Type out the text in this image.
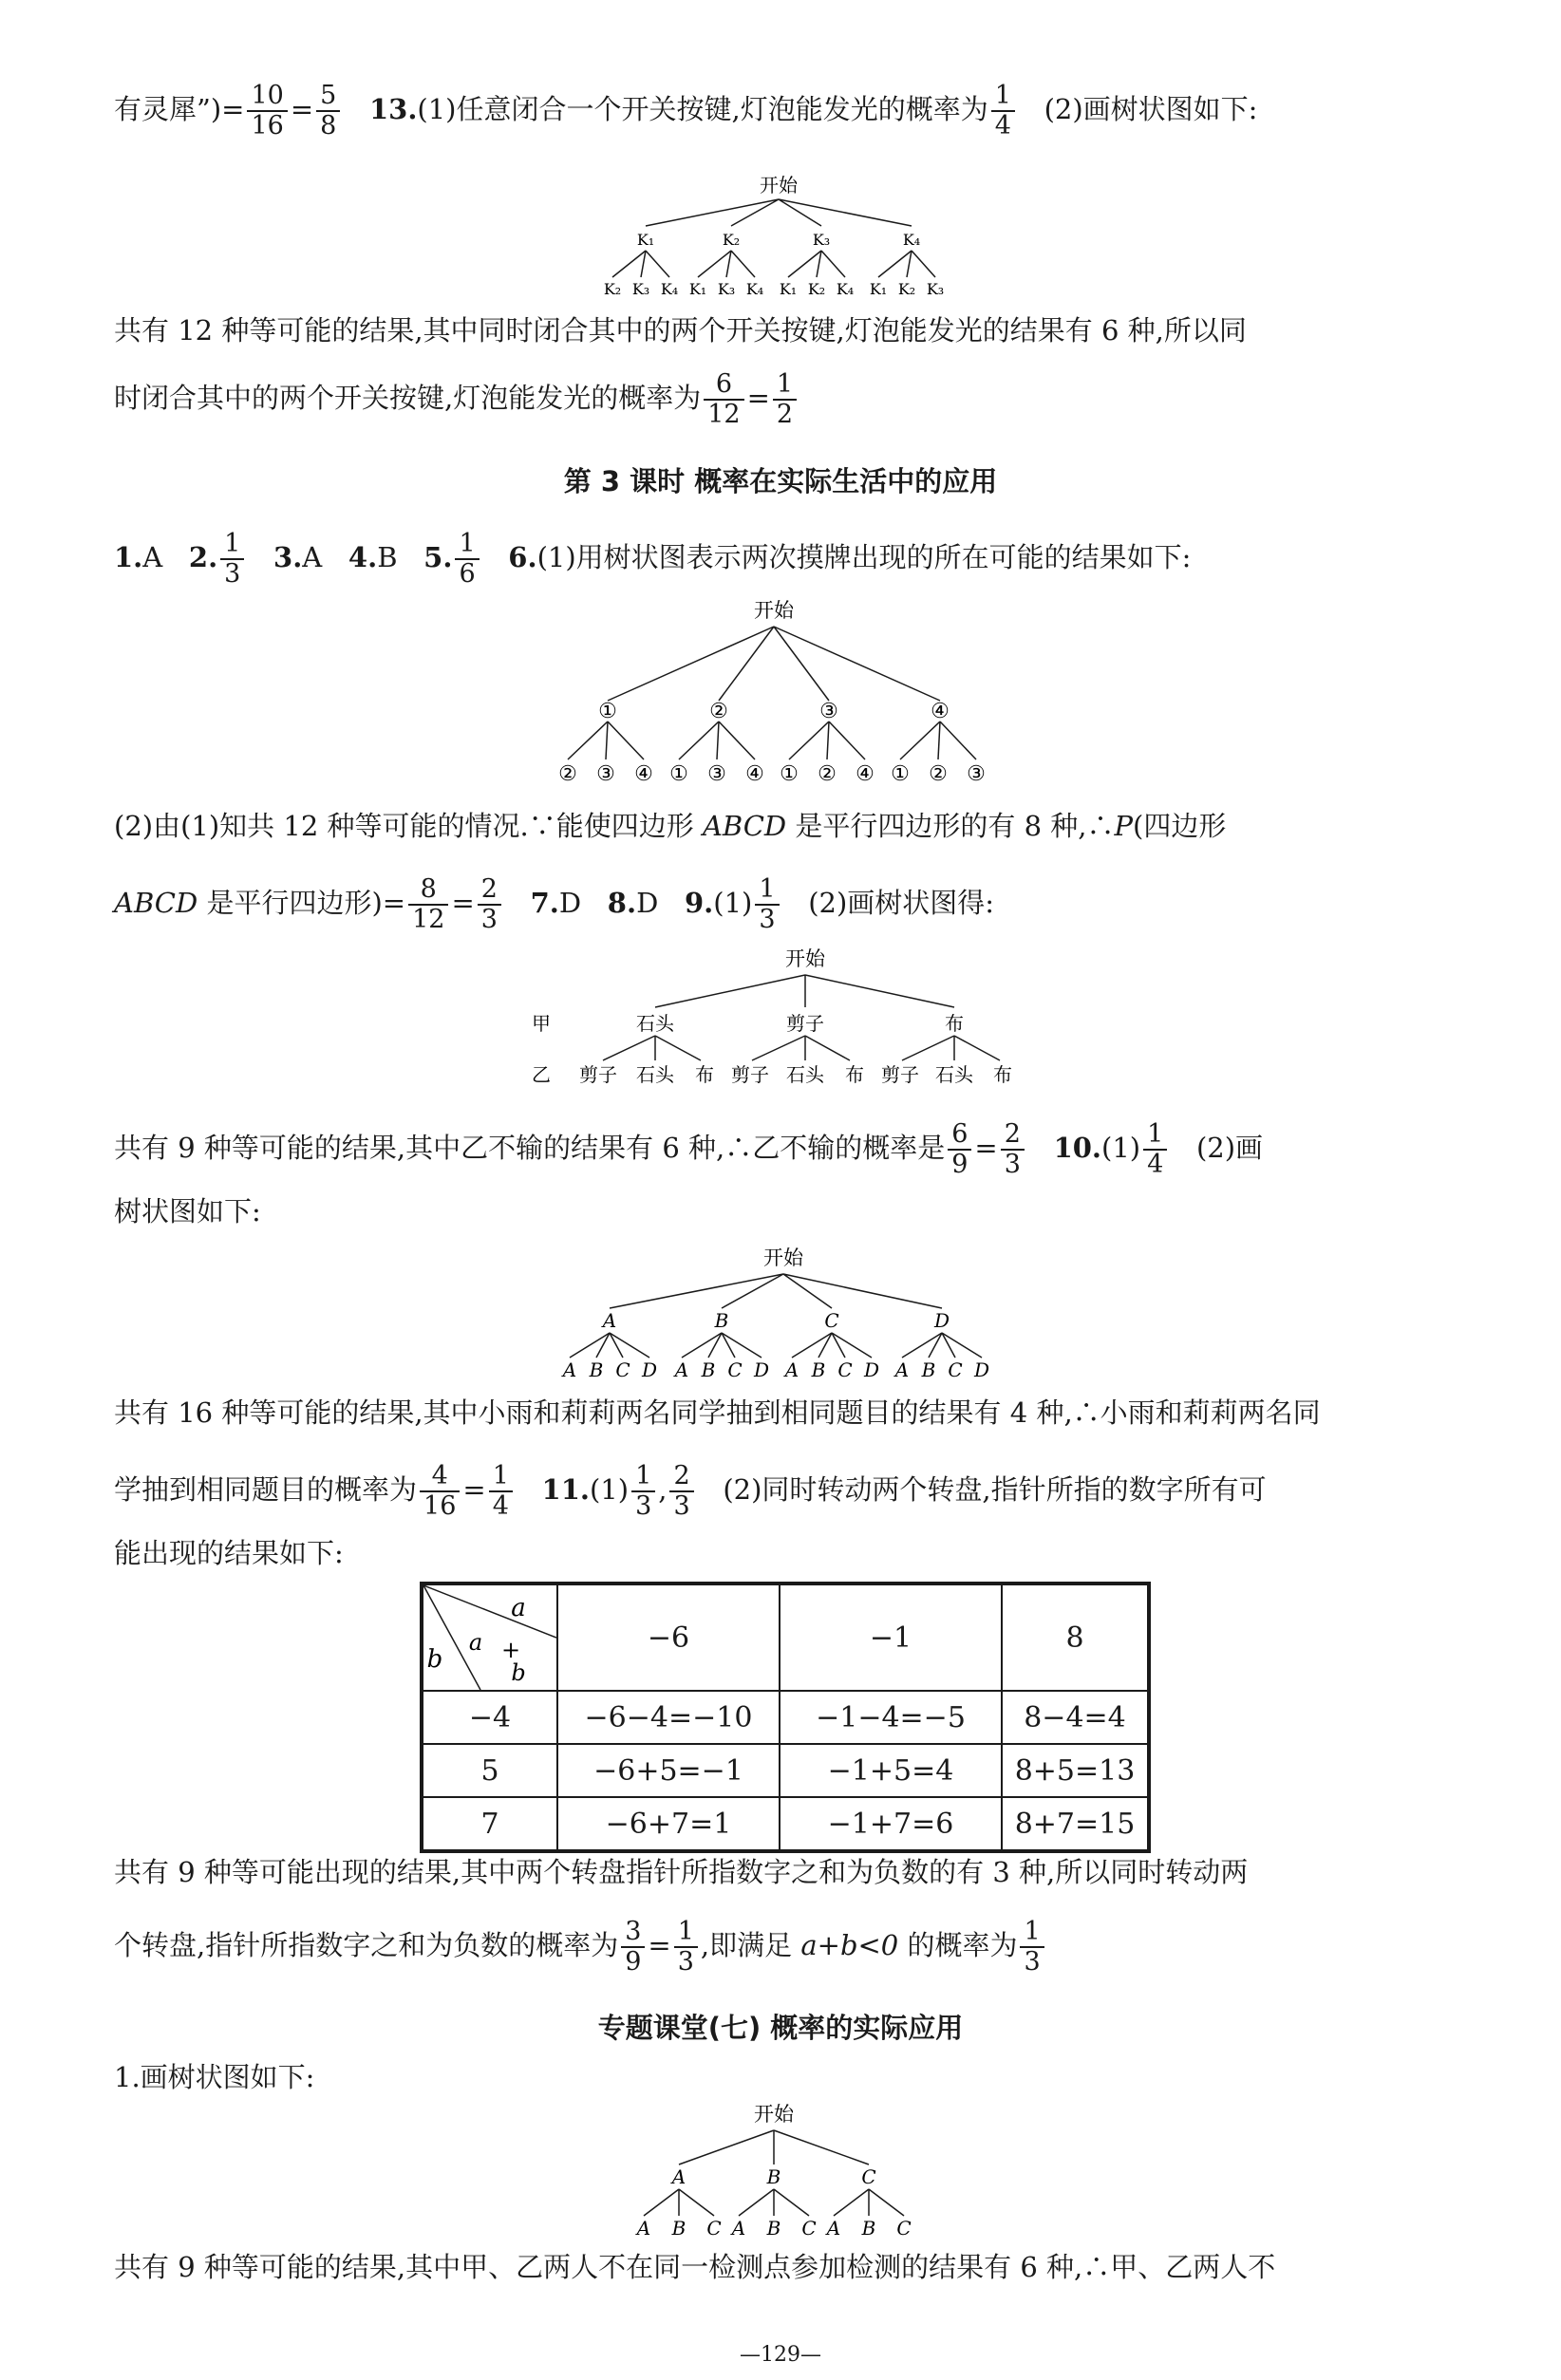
有灵犀”)= $\frac{10}{16} = \frac{5}{8} 13.(1)$任意闭合一个开关按键,灯泡能发光的概率为 $\frac{1}{4} (2)$画树状图如下:
开始
K₁	K₂	K₃	K₄
K₂ K₃ K₄ K₁ K₃ K₄ K₁ K₂ K₄ K₁ K₂ K₃
共有 12 种等可能的结果,其中同时闭合其中的两个开关按键,灯泡能发光的结果有 6 种,所以同
时闭合其中的两个开关按键,灯泡能发光的概率为 $\frac{6}{12} = \frac{1}{2}$
第 3 课时 概率在实际生活中的应用
1.A 2. $\frac{1}{3} 3.A$ 4.B 5. $\frac{1}{6} 6.(1)$用树状图表示两次摸牌出现的所在可能的结果如下:
开始
①	②	③	④
② ③ ④ ① ③ ④ ① ② ④ ① ② ③
(2)由(1)知共 12 种等可能的情况.∵能使四边形 ABCD 是平行四边形的有 8 种,∴P(四边形
ABCD 是平行四边形)= $\frac{8}{12} = \frac{2}{3} 7.D$ 8.D $9.(1) \frac{1}{3} (2)$画树状图得:
开始
甲
乙
石头	剪子	布
剪子 石头 布 剪子 石头 布 剪子 石头 布
共有 9 种等可能的结果,其中乙不输的结果有 6 种,∴乙不输的概率是 $\frac{6}{9} = \frac{2}{3} 10.(1) \frac{1}{4} (2)$画
树状图如下:
开始
A	B	C	D
A B C D A B C D A B C D A B C D
共有 16 种等可能的结果,其中小雨和莉莉两名同学抽到相同题目的结果有 4 种,∴小雨和莉莉两名同
学抽到相同题目的概率为 $\frac{4}{16} = \frac{1}{4} 11.(1) \frac{1}{3}$ , $\frac{2}{3} (2)$同时转动两个转盘,指针所指的数字所有可
能出现的结果如下:
a
b
a +
b	−6	−1	8
−4	−6−4=−10	−1−4=−5	8−4=4
5	−6+5=−1	−1+5=4	8+5=13
7	−6+7=1	−1+7=6	8+7=15
共有 9 种等可能出现的结果,其中两个转盘指针所指数字之和为负数的有 3 种,所以同时转动两
个转盘,指针所指数字之和为负数的概率为 $\frac{3}{9} = \frac{1}{3}$ ,即满足 a+b<0 的概率为 $\frac{1}{3}$
专题课堂(七) 概率的实际应用
1.画树状图如下:
开始
A	B	C
A B C A B C A B C
共有 9 种等可能的结果,其中甲、乙两人不在同一检测点参加检测的结果有 6 种,∴甲、乙两人不
—129—
